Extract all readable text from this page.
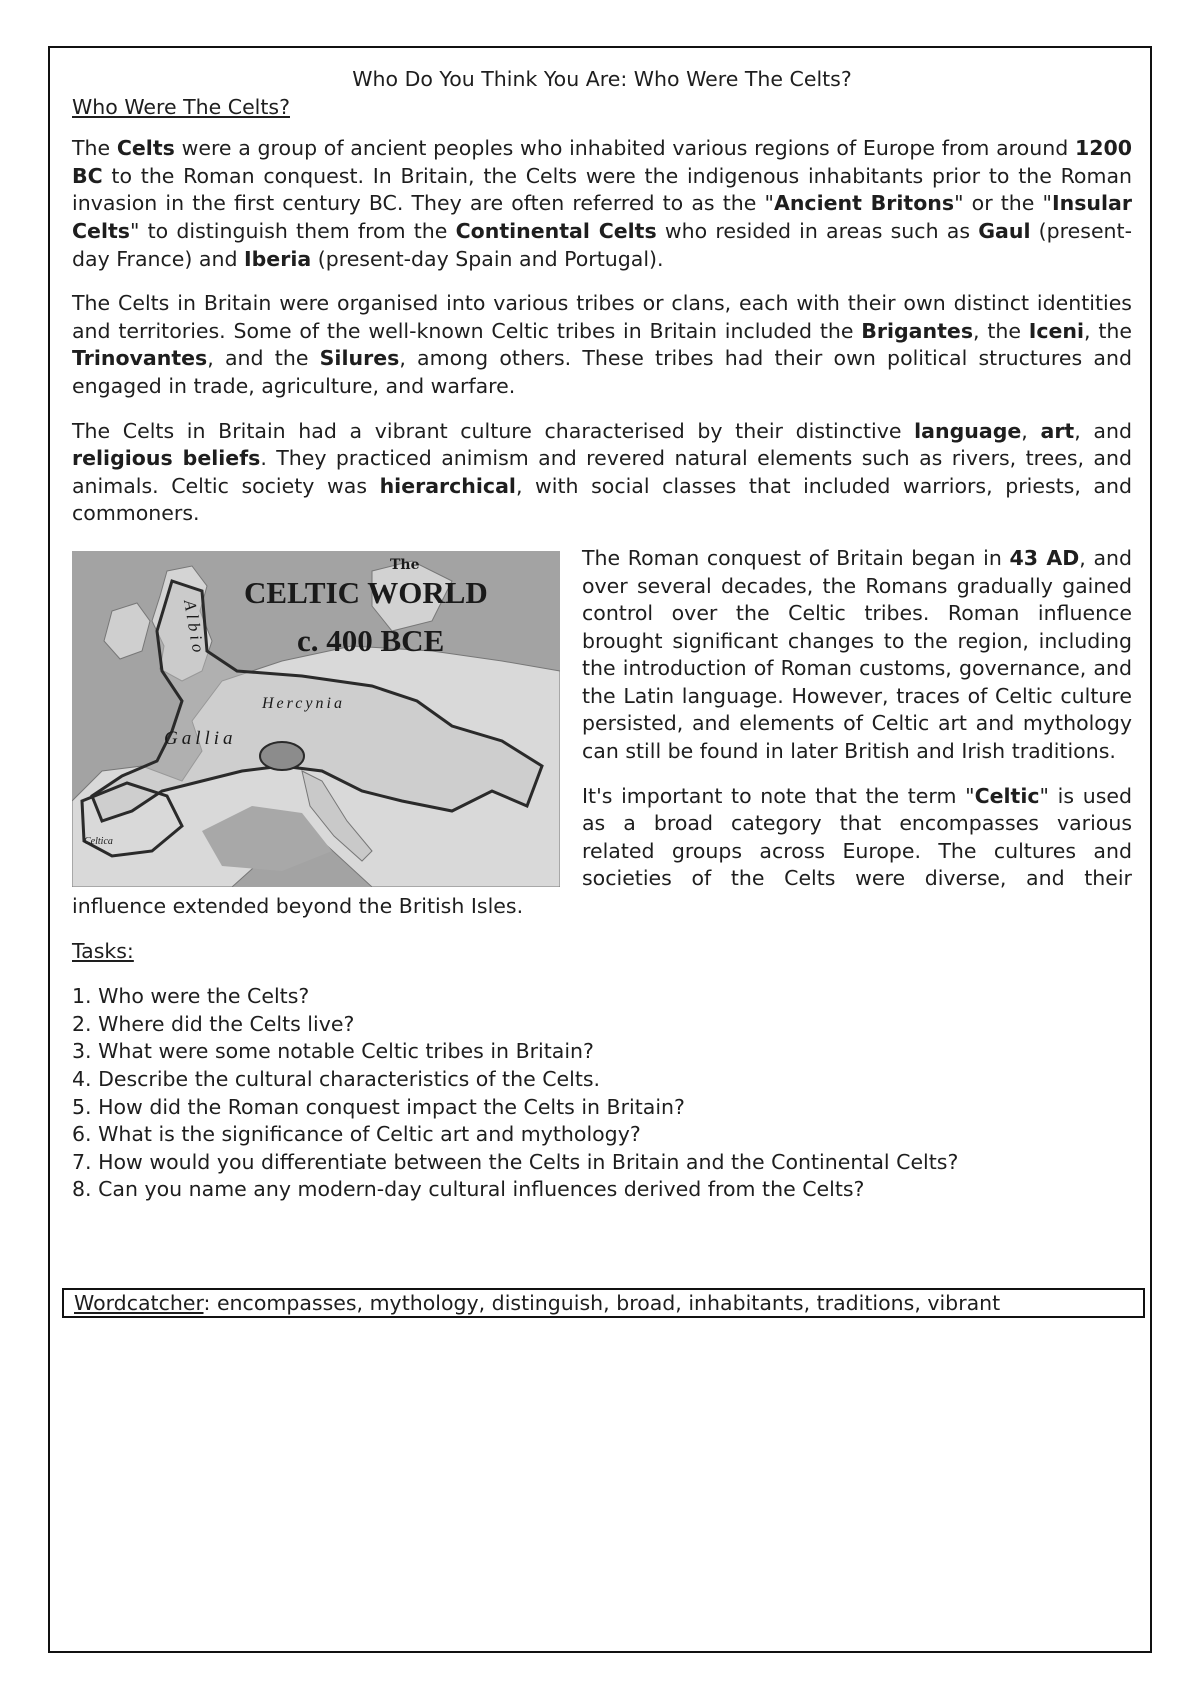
Who Do You Think You Are: Who Were The Celts?
Who Were The Celts?

The Celts were a group of ancient peoples who inhabited various regions of Europe from around 1200 BC to the Roman conquest. In Britain, the Celts were the indigenous inhabitants prior to the Roman invasion in the first century BC. They are often referred to as the "Ancient Britons" or the "Insular Celts" to distinguish them from the Continental Celts who resided in areas such as Gaul (present-day France) and Iberia (present-day Spain and Portugal).

The Celts in Britain were organised into various tribes or clans, each with their own distinct identities and territories. Some of the well-known Celtic tribes in Britain included the Brigantes, the Iceni, the Trinovantes, and the Silures, among others. These tribes had their own political structures and engaged in trade, agriculture, and warfare.

The Celts in Britain had a vibrant culture characterised by their distinctive language, art, and religious beliefs. They practiced animism and revered natural elements such as rivers, trees, and animals. Celtic society was hierarchical, with social classes that included warriors, priests, and commoners.

The
CELTIC WORLD
c. 400 BCE
Albio
Hercynia
Gallia
Celtica

The Roman conquest of Britain began in 43 AD, and over several decades, the Romans gradually gained control over the Celtic tribes. Roman influence brought significant changes to the region, including the introduction of Roman customs, governance, and the Latin language. However, traces of Celtic culture persisted, and elements of Celtic art and mythology can still be found in later British and Irish traditions.

It's important to note that the term "Celtic" is used as a broad category that encompasses various related groups across Europe. The cultures and societies of the Celts were diverse, and their influence extended beyond the British Isles.

Tasks:
1. Who were the Celts?
2. Where did the Celts live?
3. What were some notable Celtic tribes in Britain?
4. Describe the cultural characteristics of the Celts.
5. How did the Roman conquest impact the Celts in Britain?
6. What is the significance of Celtic art and mythology?
7. How would you differentiate between the Celts in Britain and the Continental Celts?
8. Can you name any modern-day cultural influences derived from the Celts?
Wordcatcher: encompasses, mythology, distinguish, broad, inhabitants, traditions, vibrant
